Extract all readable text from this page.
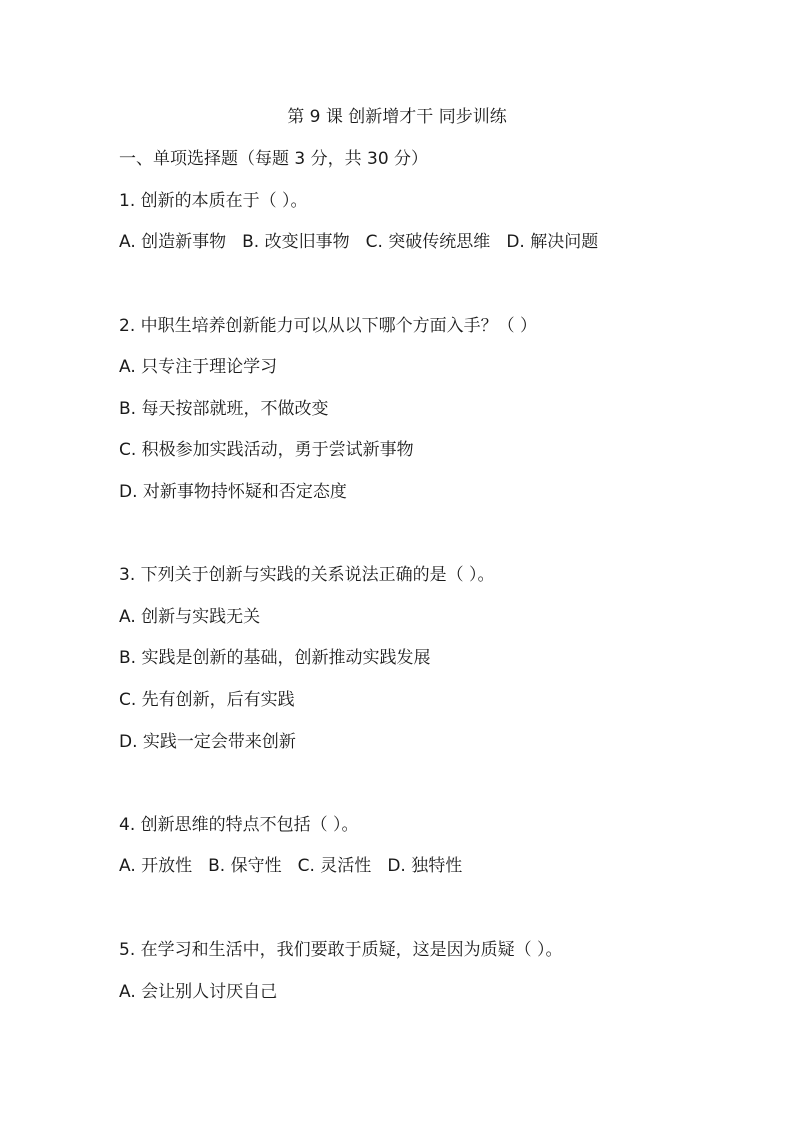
第 9 课 创新增才干 同步训练
一、单项选择题（每题 3 分，共 30 分）
1. 创新的本质在于（ ）。
A. 创造新事物 B. 改变旧事物 C. 突破传统思维 D. 解决问题
2. 中职生培养创新能力可以从以下哪个方面入手？（ ）
A. 只专注于理论学习
B. 每天按部就班，不做改变
C. 积极参加实践活动，勇于尝试新事物
D. 对新事物持怀疑和否定态度
3. 下列关于创新与实践的关系说法正确的是（ ）。
A. 创新与实践无关
B. 实践是创新的基础，创新推动实践发展
C. 先有创新，后有实践
D. 实践一定会带来创新
4. 创新思维的特点不包括（ ）。
A. 开放性 B. 保守性 C. 灵活性 D. 独特性
5. 在学习和生活中，我们要敢于质疑，这是因为质疑（ ）。
A. 会让别人讨厌自己
